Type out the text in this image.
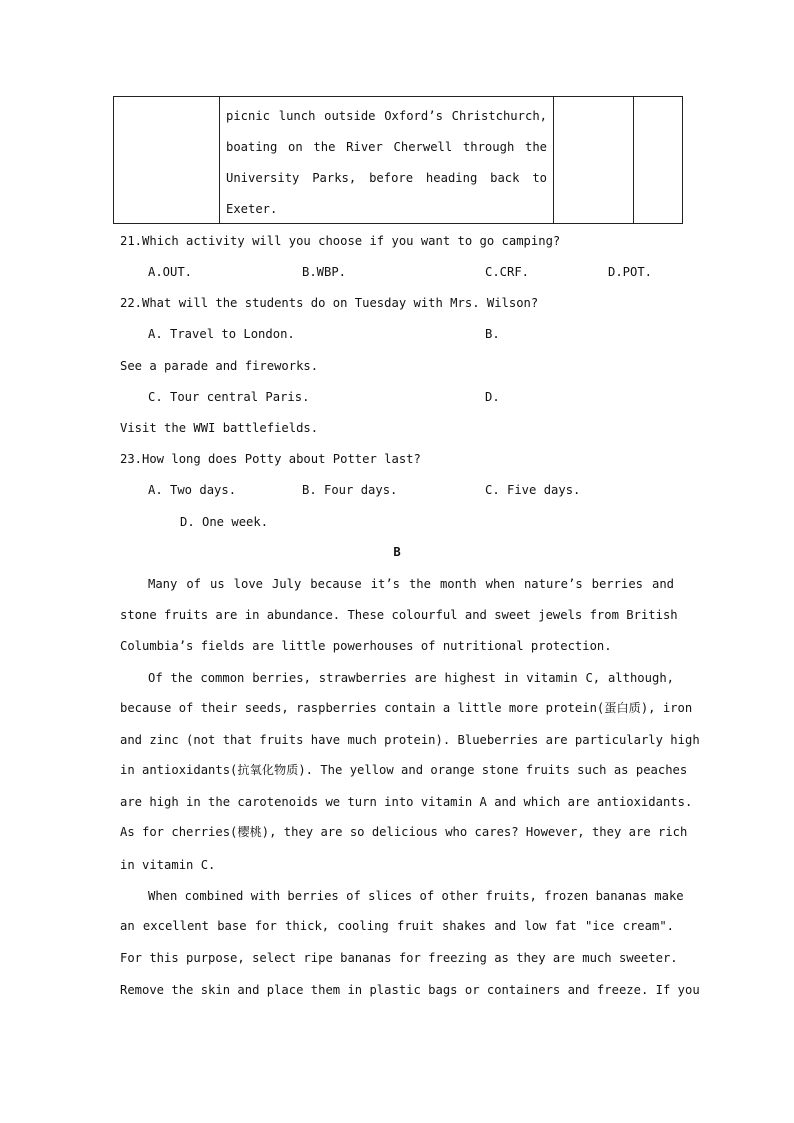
picnic lunch outside Oxford’s Christchurch,
boating on the River Cherwell through the
University Parks, before heading back to
Exeter.

21.Which activity will you choose if you want to go camping?
A.OUT.	B.WBP.	C.CRF.	D.POT.
22.What will the students do on Tuesday with Mrs. Wilson?
A. Travel to London.	B.
See a parade and fireworks.
C. Tour central Paris.	D.
Visit the WWI battlefields.
23.How long does Potty about Potter last?
A. Two days.	B. Four days.	C. Five days.
D. One week.
B
Many of us love July because it’s the month when nature’s berries and
stone fruits are in abundance. These colourful and sweet jewels from British
Columbia’s fields are little powerhouses of nutritional protection.
Of the common berries, strawberries are highest in vitamin C, although,
because of their seeds, raspberries contain a little more protein(蛋白质), iron
and zinc (not that fruits have much protein). Blueberries are particularly high
in antioxidants(抗氧化物质). The yellow and orange stone fruits such as peaches
are high in the carotenoids we turn into vitamin A and which are antioxidants.
As for cherries(樱桃), they are so delicious who cares? However, they are rich
in vitamin C.
When combined with berries of slices of other fruits, frozen bananas make
an excellent base for thick, cooling fruit shakes and low fat "ice cream".
For this purpose, select ripe bananas for freezing as they are much sweeter.
Remove the skin and place them in plastic bags or containers and freeze. If you
